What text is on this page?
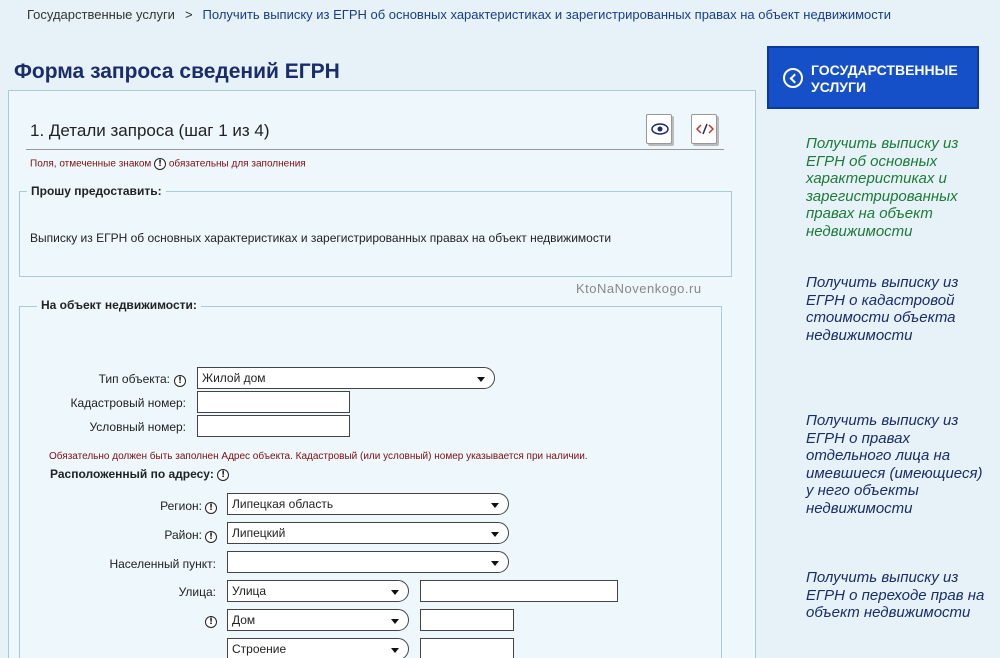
Государственные услуги > Получить выписку из ЕГРН об основных характеристиках и зарегистрированных правах на объект недвижимости
Форма запроса сведений ЕГРН
1. Детали запроса (шаг 1 из 4)
Поля, отмеченные знаком ! обязательны для заполнения
Прошу предоставить:
Выписку из ЕГРН об основных характеристиках и зарегистрированных правах на объект недвижимости
KtoNaNovenkogo.ru
На объект недвижимости:
Тип объекта: !	Жилой дом
Кадастровый номер:
Условный номер:
Обязательно должен быть заполнен Адрес объекта. Кадастровый (или условный) номер указывается при наличии.
Расположенный по адресу: !
Регион: !	Липецкая область
Район: !	Липецкий
Населенный пункт:
Улица:	Улица
!	Дом
Строение
ГОСУДАРСТВЕННЫЕ
УСЛУГИ
Получить выписку из ЕГРН об основных характеристиках и зарегистрированных правах на объект недвижимости
Получить выписку из ЕГРН о кадастровой стоимости объекта недвижимости
Получить выписку из ЕГРН о правах отдельного лица на имевшиеся (имеющиеся) у него объекты недвижимости
Получить выписку из ЕГРН о переходе прав на объект недвижимости
